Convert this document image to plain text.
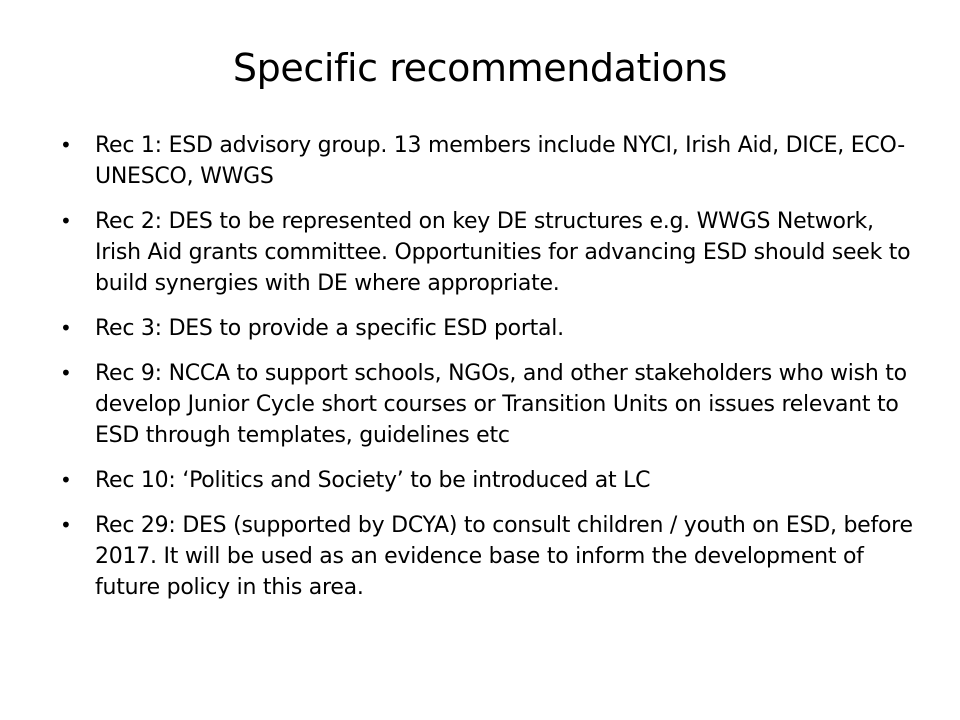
Specific recommendations
•	Rec 1: ESD advisory group. 13 members include NYCI, Irish Aid, DICE, ECO-UNESCO, WWGS
•	Rec 2: DES to be represented on key DE structures e.g. WWGS Network, Irish Aid grants committee. Opportunities for advancing ESD should seek to build synergies with DE where appropriate.
•	Rec 3: DES to provide a specific ESD portal.
•	Rec 9: NCCA to support schools, NGOs, and other stakeholders who wish to develop Junior Cycle short courses or Transition Units on issues relevant to ESD through templates, guidelines etc
•	Rec 10: ‘Politics and Society’ to be introduced at LC
•	Rec 29: DES (supported by DCYA) to consult children / youth on ESD, before 2017. It will be used as an evidence base to inform the development of future policy in this area.
